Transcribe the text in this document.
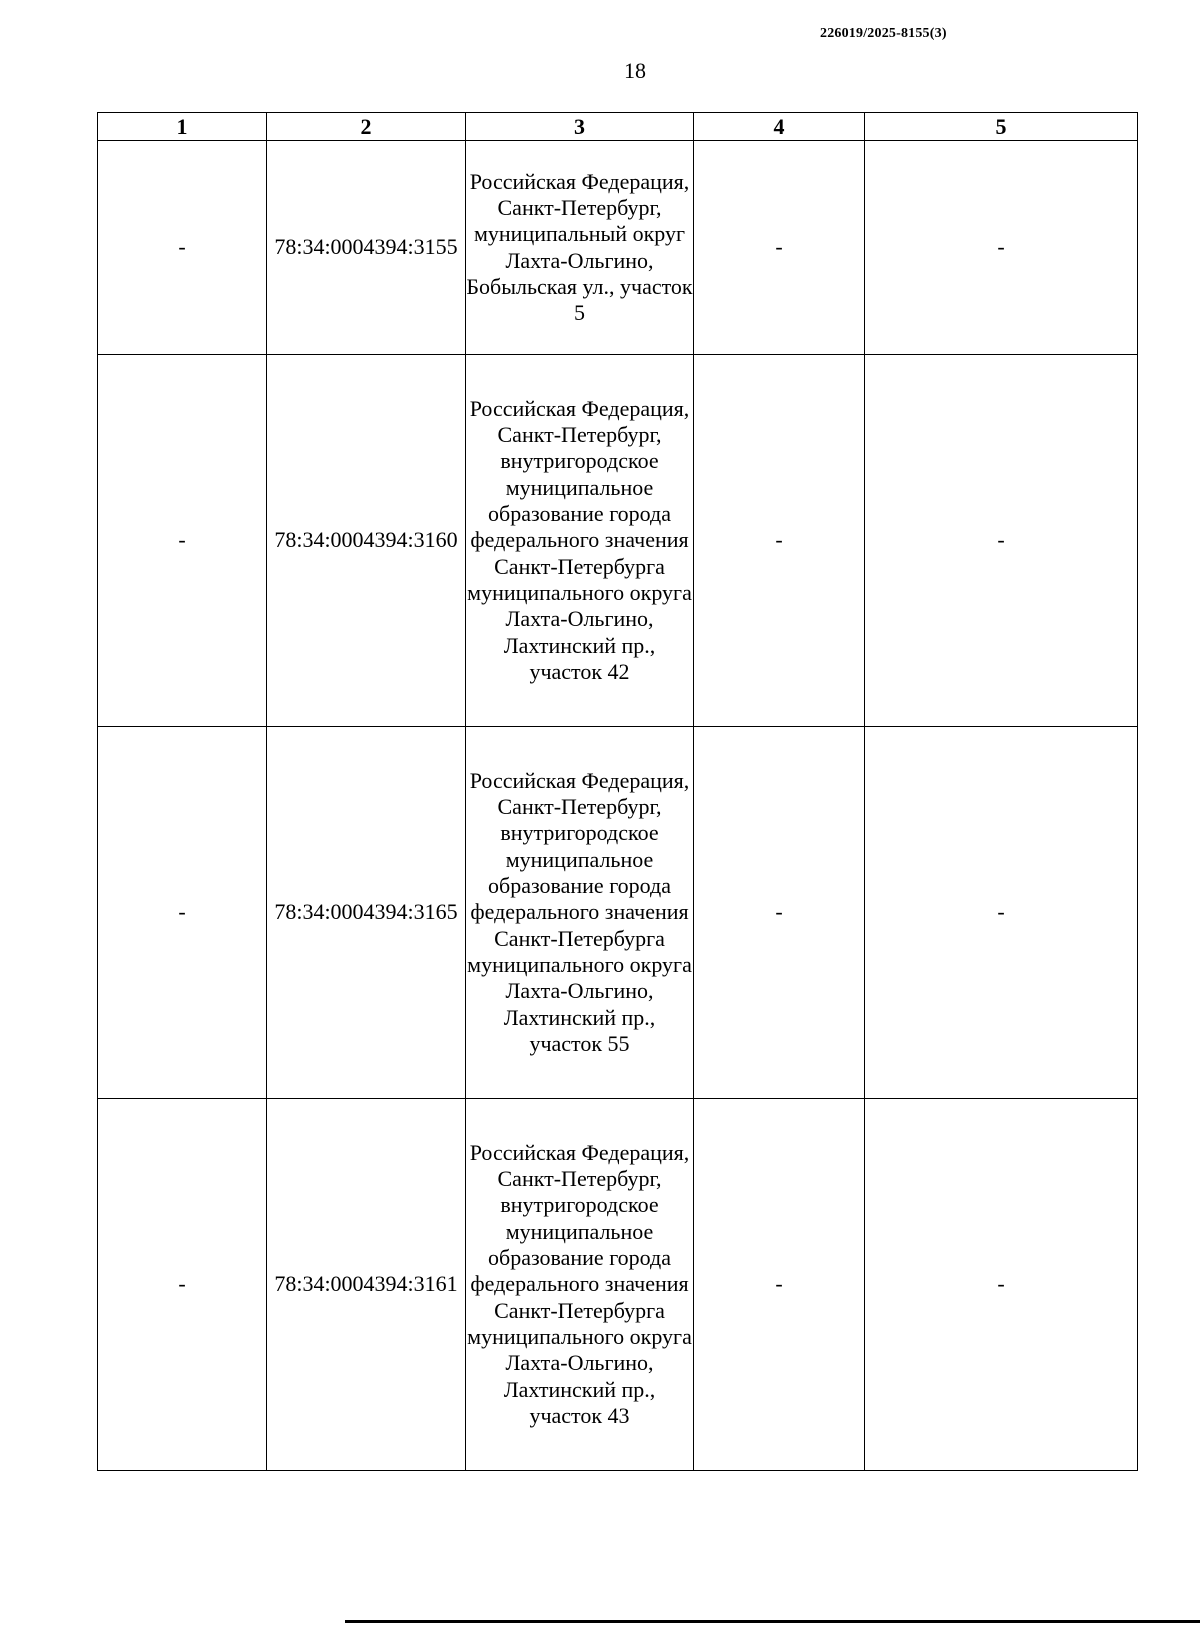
226019/2025-8155(3)
18
1	2	3	4	5
-	78:34:0004394:3155	Российская Федерация, Санкт-Петербург, муниципальный округ Лахта-Ольгино, Бобыльская ул., участок 5	-	-
-	78:34:0004394:3160	Российская Федерация, Санкт-Петербург, внутригородское муниципальное образование города федерального значения Санкт-Петербурга муниципального округа Лахта-Ольгино, Лахтинский пр., участок 42	-	-
-	78:34:0004394:3165	Российская Федерация, Санкт-Петербург, внутригородское муниципальное образование города федерального значения Санкт-Петербурга муниципального округа Лахта-Ольгино, Лахтинский пр., участок 55	-	-
-	78:34:0004394:3161	Российская Федерация, Санкт-Петербург, внутригородское муниципальное образование города федерального значения Санкт-Петербурга муниципального округа Лахта-Ольгино, Лахтинский пр., участок 43	-	-
